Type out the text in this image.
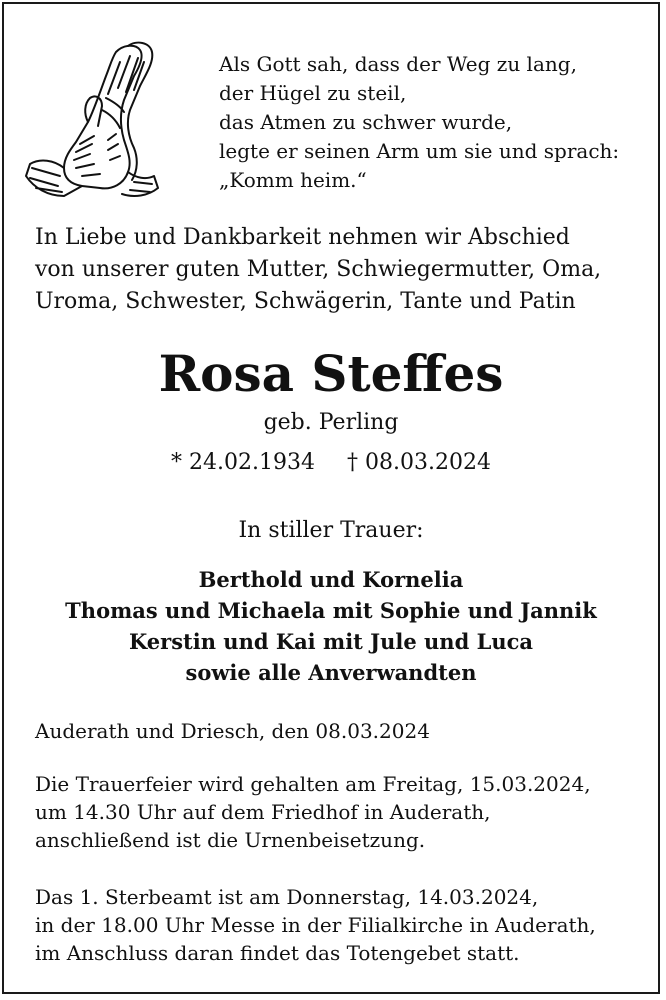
Als Gott sah, dass der Weg zu lang,
der Hügel zu steil,
das Atmen zu schwer wurde,
legte er seinen Arm um sie und sprach:
„Komm heim.“
In Liebe und Dankbarkeit nehmen wir Abschied
von unserer guten Mutter, Schwiegermutter, Oma,
Uroma, Schwester, Schwägerin, Tante und Patin
Rosa Steffes
geb. Perling
* 24.02.1934 † 08.03.2024
In stiller Trauer:
Berthold und Kornelia
Thomas und Michaela mit Sophie und Jannik
Kerstin und Kai mit Jule und Luca
sowie alle Anverwandten
Auderath und Driesch, den 08.03.2024
Die Trauerfeier wird gehalten am Freitag, 15.03.2024,
um 14.30 Uhr auf dem Friedhof in Auderath,
anschließend ist die Urnenbeisetzung.
Das 1. Sterbeamt ist am Donnerstag, 14.03.2024,
in der 18.00 Uhr Messe in der Filialkirche in Auderath,
im Anschluss daran findet das Totengebet statt.
